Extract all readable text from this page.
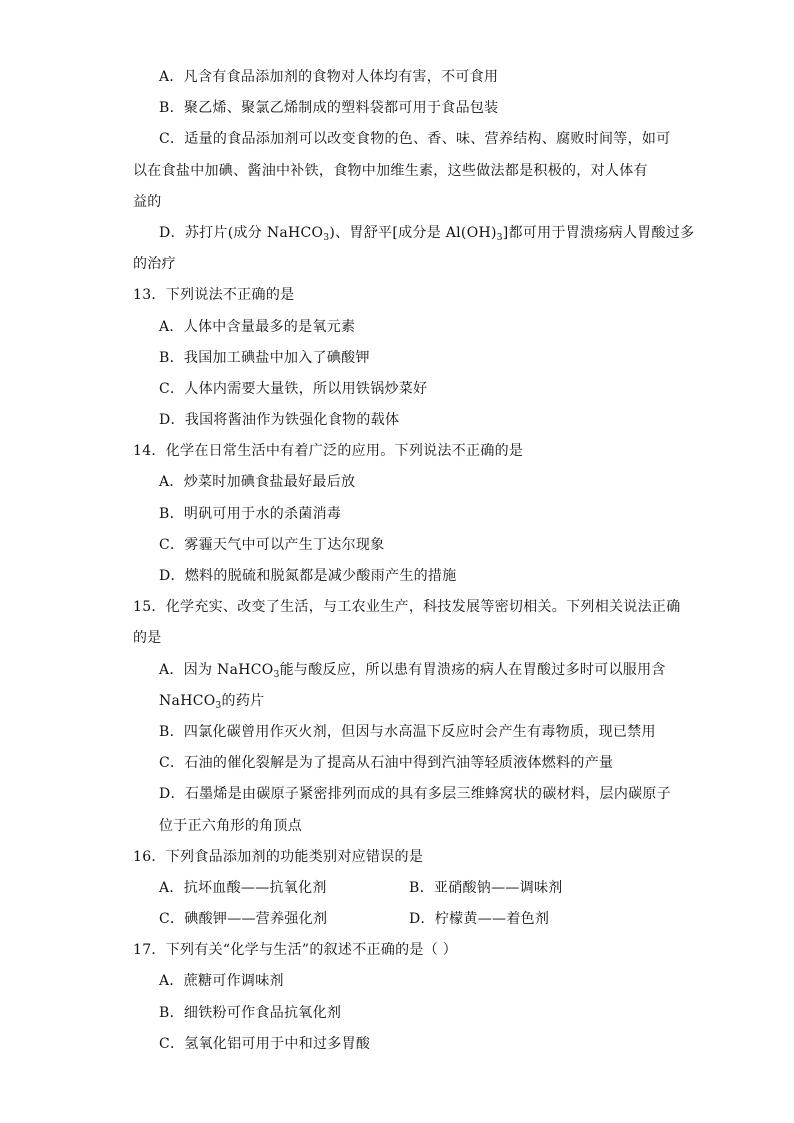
A．凡含有食品添加剂的食物对人体均有害，不可食用
B．聚乙烯、聚氯乙烯制成的塑料袋都可用于食品包装
C．适量的食品添加剂可以改变食物的色、香、味、营养结构、腐败时间等，如可
以在食盐中加碘、酱油中补铁，食物中加维生素，这些做法都是积极的，对人体有
益的
D．苏打片(成分 NaHCO$_3$)、胃舒平[成分是 $Al(OH)_3$]都可用于胃溃疡病人胃酸过多
的治疗
13．下列说法不正确的是
A．人体中含量最多的是氧元素
B．我国加工碘盐中加入了碘酸钾
C．人体内需要大量铁，所以用铁锅炒菜好
D．我国将酱油作为铁强化食物的载体
14．化学在日常生活中有着广泛的应用。下列说法不正确的是
A．炒菜时加碘食盐最好最后放
B．明矾可用于水的杀菌消毒
C．雾霾天气中可以产生丁达尔现象
D．燃料的脱硫和脱氮都是减少酸雨产生的措施
15．化学充实、改变了生活，与工农业生产，科技发展等密切相关。下列相关说法正确
的是
A．因为 NaHCO$_3$能与酸反应，所以患有胃溃疡的病人在胃酸过多时可以服用含
NaHCO$_3$的药片
B．四氯化碳曾用作灭火剂，但因与水高温下反应时会产生有毒物质，现已禁用
C．石油的催化裂解是为了提高从石油中得到汽油等轻质液体燃料的产量
D．石墨烯是由碳原子紧密排列而成的具有多层三维蜂窝状的碳材料，层内碳原子
位于正六角形的角顶点
16．下列食品添加剂的功能类别对应错误的是
A．抗坏血酸——抗氧化剂	B．亚硝酸钠——调味剂
C．碘酸钾——营养强化剂	D．柠檬黄——着色剂
17．下列有关“化学与生活”的叙述不正确的是（ ）
A．蔗糖可作调味剂
B．细铁粉可作食品抗氧化剂
C．氢氧化铝可用于中和过多胃酸
